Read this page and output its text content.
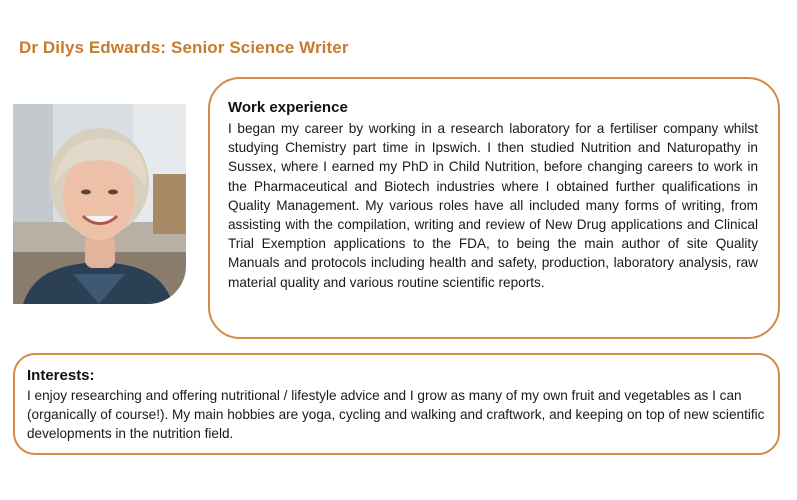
Dr Dilys Edwards: Senior Science Writer
Work experience
I began my career by working in a research laboratory for a fertiliser company whilst studying Chemistry part time in Ipswich. I then studied Nutrition and Naturopathy in Sussex, where I earned my PhD in Child Nutrition, before changing careers to work in the Pharmaceutical and Biotech industries where I obtained further qualifications in Quality Management. My various roles have all included many forms of writing, from assisting with the compilation, writing and review of New Drug applications and Clinical Trial Exemption applications to the FDA, to being the main author of site Quality Manuals and protocols including health and safety, production, laboratory analysis, raw material quality and various routine scientific reports.
Interests:
I enjoy researching and offering nutritional / lifestyle advice and I grow as many of my own fruit and vegetables as I can (organically of course!). My main hobbies are yoga, cycling and walking and craftwork, and keeping on top of new scientific developments in the nutrition field.
